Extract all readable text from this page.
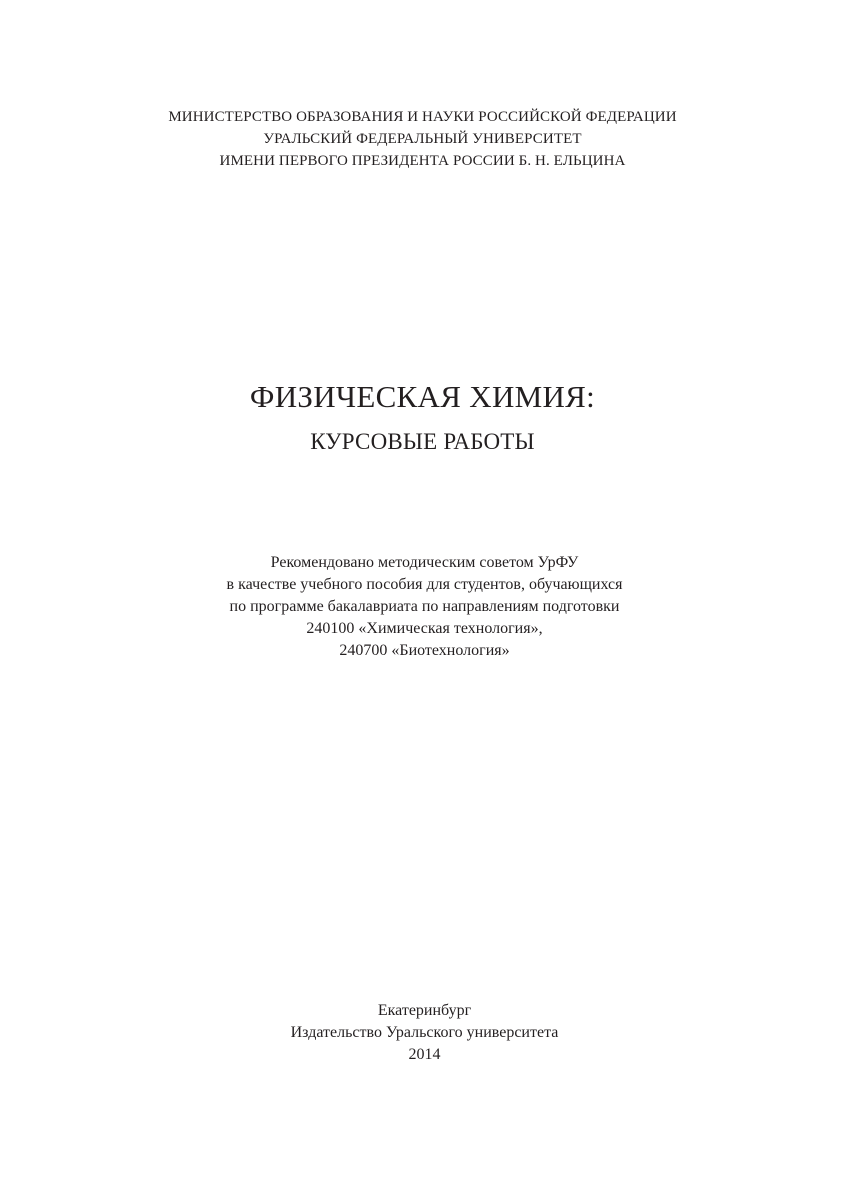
МИНИСТЕРСТВО ОБРАЗОВАНИЯ И НАУКИ РОССИЙСКОЙ ФЕДЕРАЦИИ
УРАЛЬСКИЙ ФЕДЕРАЛЬНЫЙ УНИВЕРСИТЕТ
ИМЕНИ ПЕРВОГО ПРЕЗИДЕНТА РОССИИ Б. Н. ЕЛЬЦИНА
ФИЗИЧЕСКАЯ ХИМИЯ:
КУРСОВЫЕ РАБОТЫ
Рекомендовано методическим советом УрФУ
в качестве учебного пособия для студентов, обучающихся
по программе бакалавриата по направлениям подготовки
240100 «Химическая технология»,
240700 «Биотехнология»
Екатеринбург
Издательство Уральского университета
2014
